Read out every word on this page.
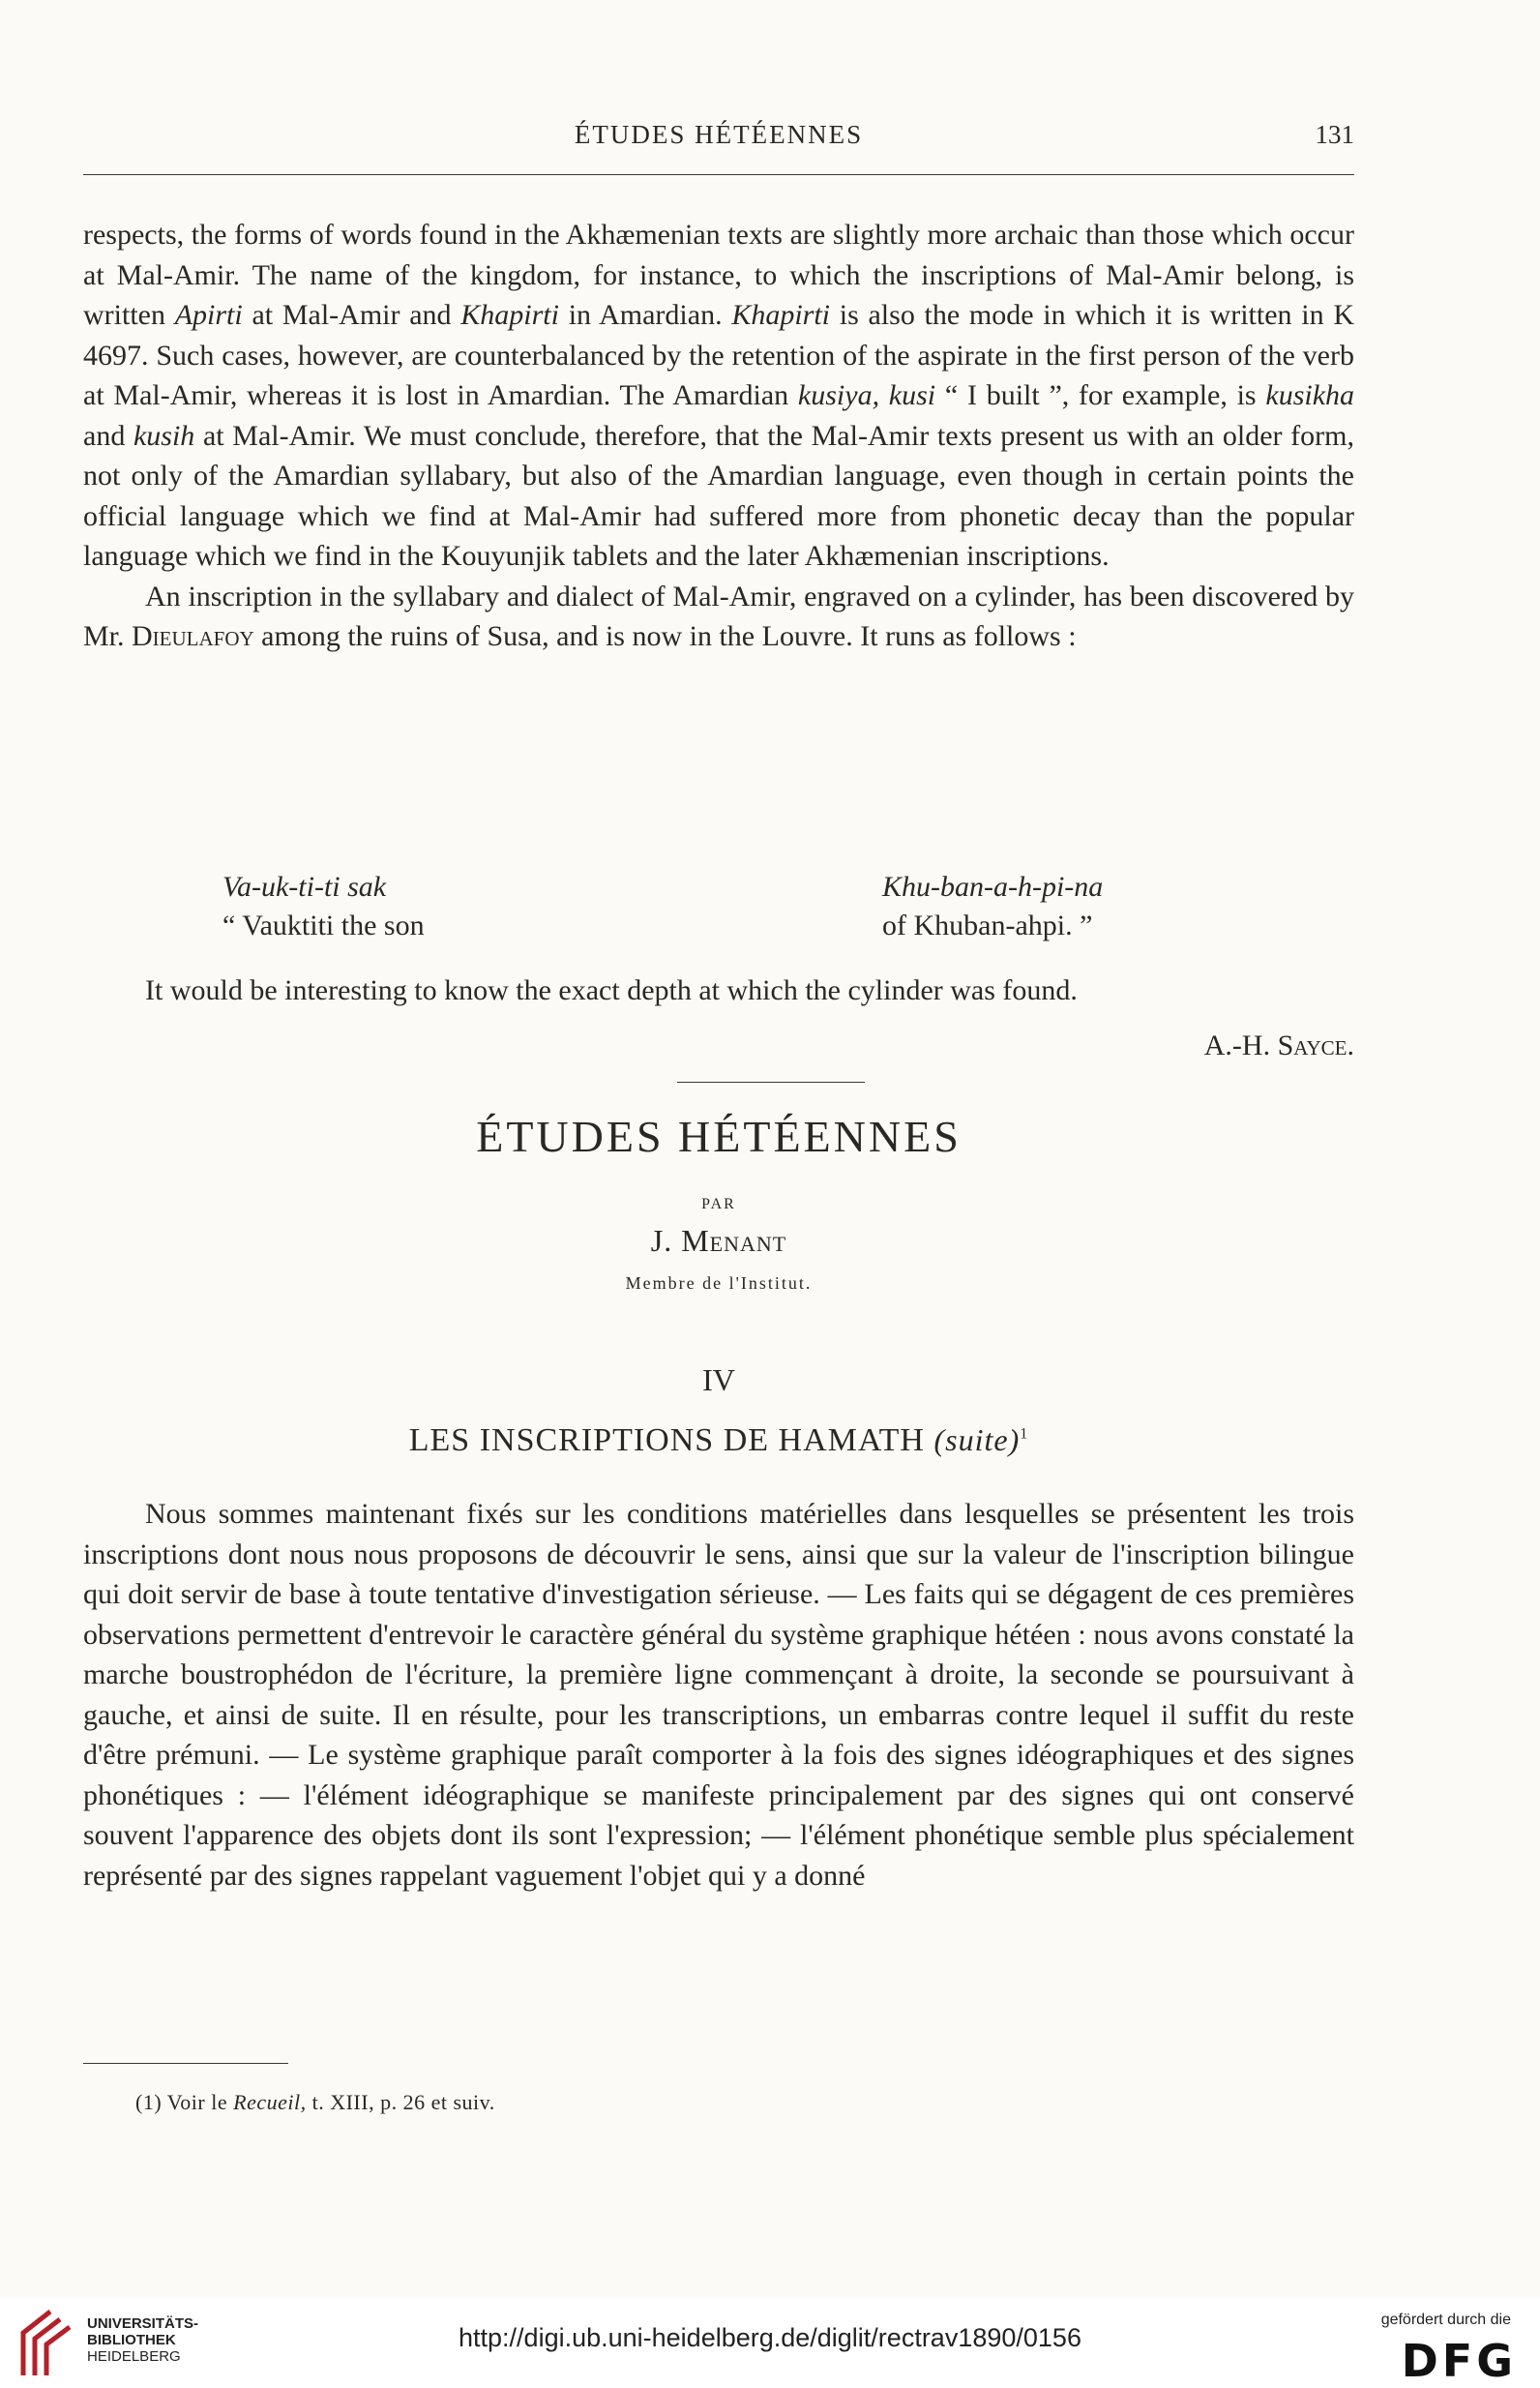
ÉTUDES HÉTÉENNES	131

respects, the forms of words found in the Akhæmenian texts are slightly more archaic than those which occur at Mal-Amir. The name of the kingdom, for instance, to which the inscriptions of Mal-Amir belong, is written Apirti at Mal-Amir and Khapirti in Amardian. Khapirti is also the mode in which it is written in K 4697. Such cases, however, are counterbalanced by the retention of the aspirate in the first person of the verb at Mal-Amir, whereas it is lost in Amardian. The Amardian kusiya, kusi “ I built ”, for example, is kusikha and kusih at Mal-Amir. We must conclude, therefore, that the Mal-Amir texts present us with an older form, not only of the Amardian syllabary, but also of the Amardian language, even though in certain points the official language which we find at Mal-Amir had suffered more from phonetic decay than the popular language which we find in the Kouyunjik tablets and the later Akhæmenian inscriptions.

An inscription in the syllabary and dialect of Mal-Amir, engraved on a cylinder, has been discovered by Mr. Dieulafoy among the ruins of Susa, and is now in the Louvre. It runs as follows :

Va-uk-ti-ti sak	Khu-ban-a-h-pi-na
“ Vauktiti the son	of Khuban-ahpi. ”

It would be interesting to know the exact depth at which the cylinder was found.

A.-H. Sayce.
ÉTUDES HÉTÉENNES
PAR
J. Menant
Membre de l'Institut.
IV
LES INSCRIPTIONS DE HAMATH (suite)$^1$

Nous sommes maintenant fixés sur les conditions matérielles dans lesquelles se présentent les trois inscriptions dont nous nous proposons de découvrir le sens, ainsi que sur la valeur de l'inscription bilingue qui doit servir de base à toute tentative d'investigation sérieuse. — Les faits qui se dégagent de ces premières observations permettent d'entrevoir le caractère général du système graphique hétéen : nous avons constaté la marche boustrophédon de l'écriture, la première ligne commençant à droite, la seconde se poursuivant à gauche, et ainsi de suite. Il en résulte, pour les transcriptions, un embarras contre lequel il suffit du reste d'être prémuni. — Le système graphique paraît comporter à la fois des signes idéographiques et des signes phonétiques : — l'élément idéographique se manifeste principalement par des signes qui ont conservé souvent l'apparence des objets dont ils sont l'expression; — l'élément phonétique semble plus spécialement représenté par des signes rappelant vaguement l'objet qui y a donné

(1) Voir le Recueil, t. XIII, p. 26 et suiv.
UNIVERSITÄTS-
BIBLIOTHEK
HEIDELBERG
http://digi.ub.uni-heidelberg.de/diglit/rectrav1890/0156
gefördert durch die
DFG
